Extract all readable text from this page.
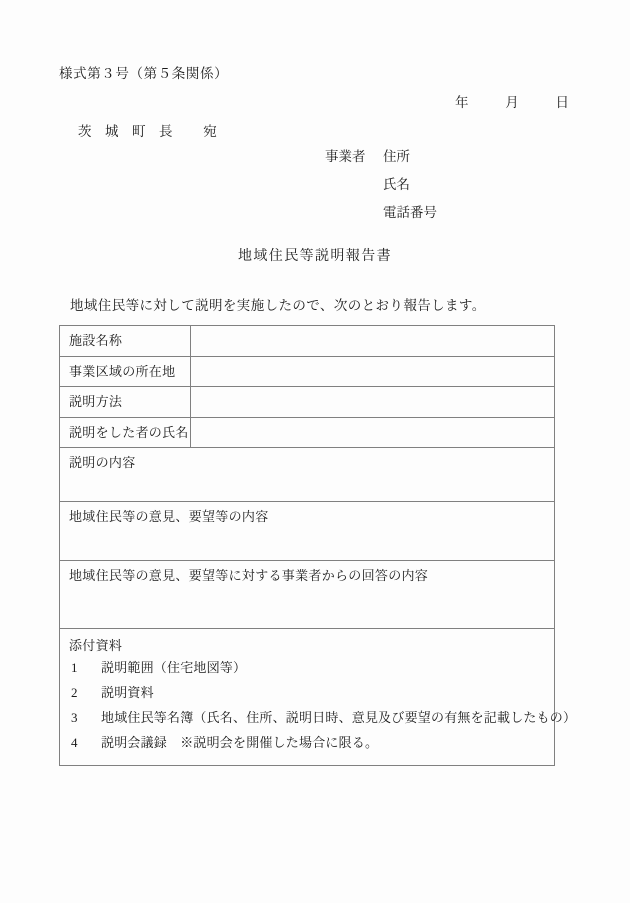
様式第３号（第５条関係）
年	月	日
茨　城　町　長 宛
事業者	住所
氏名
電話番号
地域住民等説明報告書
地域住民等に対して説明を実施したので、次のとおり報告します。
施設名称	
事業区域の所在地	
説明方法	
説明をした者の氏名	
説明の内容	
地域住民等の意見、要望等の内容	
地域住民等の意見、要望等に対する事業者からの回答の内容	

添付資料
1	説明範囲（住宅地図等）
2	説明資料
3	地域住民等名簿（氏名、住所、説明日時、意見及び要望の有無を記載したもの）
4	説明会議録　※説明会を開催した場合に限る。
